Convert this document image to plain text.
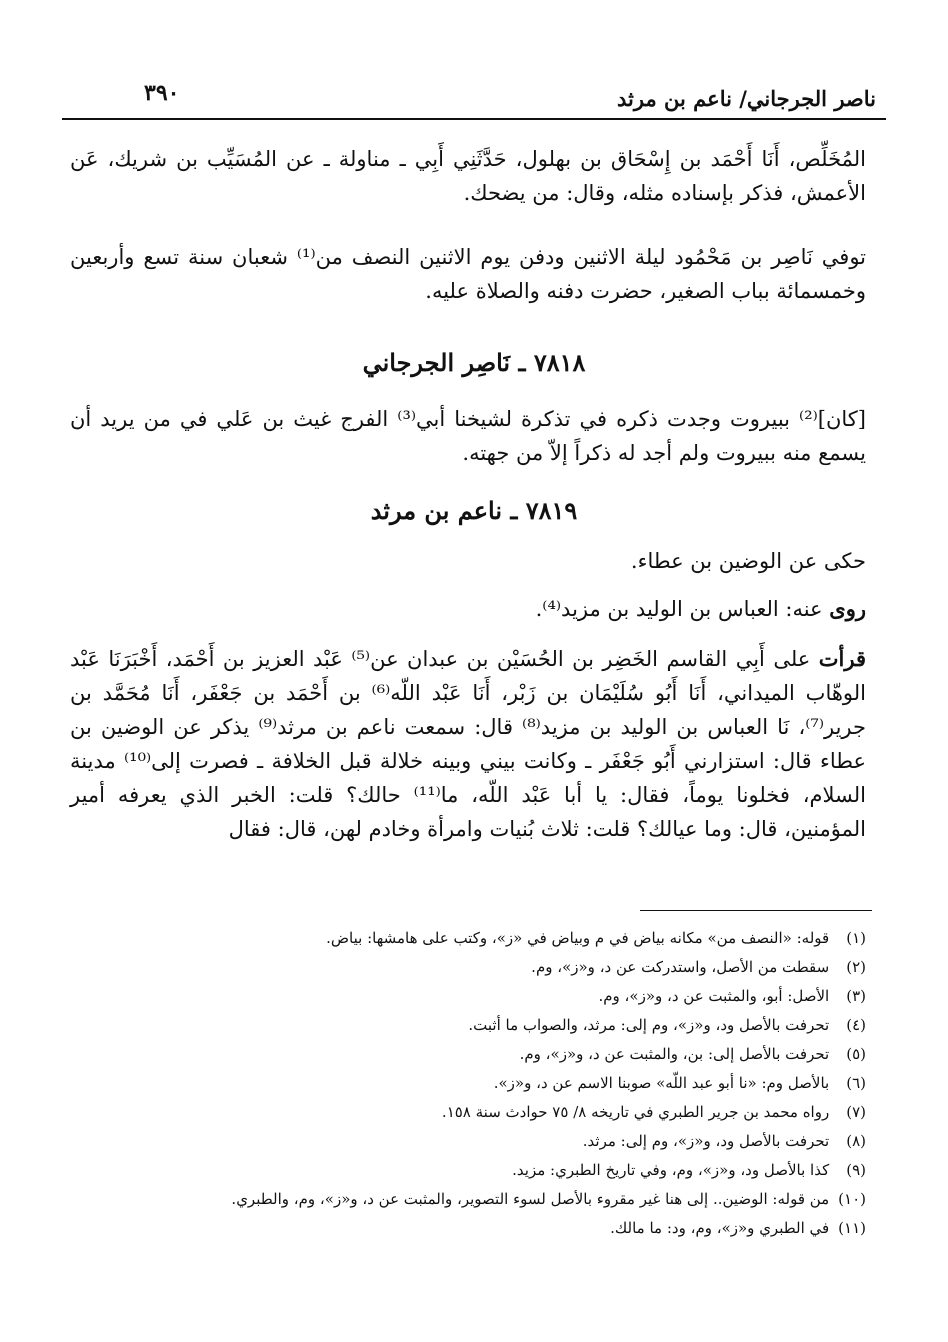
ناصر الجرجاني/ ناعم بن مرثد
٣٩٠
المُخَلِّص، أَنَا أَحْمَد بن إِسْحَاق بن بهلول، حَدَّثَنِي أَبِي ـ مناولة ـ عن المُسَيِّب بن شريك، عَن الأعمش، فذكر بإسناده مثله، وقال: من يضحك.
توفي نَاصِر بن مَحْمُود ليلة الاثنين ودفن يوم الاثنين النصف من⁽¹⁾ شعبان سنة تسع وأربعين وخمسمائة بباب الصغير، حضرت دفنه والصلاة عليه.
٧٨١٨ ـ نَاصِر الجرجاني
[كان]⁽²⁾ ببيروت وجدت ذكره في تذكرة لشيخنا أبي⁽³⁾ الفرج غيث بن عَلي في من يريد أن يسمع منه ببيروت ولم أجد له ذكراً إلاّ من جهته.
٧٨١٩ ـ ناعم بن مرثد
حكى عن الوضين بن عطاء.
روى عنه: العباس بن الوليد بن مزيد⁽⁴⁾.
قرأت على أَبِي القاسم الخَضِر بن الحُسَيْن بن عبدان عن⁽⁵⁾ عَبْد العزيز بن أَحْمَد، أَخْبَرَنَا عَبْد الوهّاب الميداني، أَنَا أَبُو سُلَيْمَان بن زَبْر، أَنَا عَبْد اللّه⁽⁶⁾ بن أَحْمَد بن جَعْفَر، أَنَا مُحَمَّد بن جرير⁽⁷⁾، نَا العباس بن الوليد بن مزيد⁽⁸⁾ قال: سمعت ناعم بن مرثد⁽⁹⁾ يذكر عن الوضين بن عطاء قال: استزارني أَبُو جَعْفَر ـ وكانت بيني وبينه خلالة قبل الخلافة ـ فصرت إلى⁽¹⁰⁾ مدينة السلام، فخلونا يوماً، فقال: يا أبا عَبْد اللّه، ما⁽¹¹⁾ حالك؟ قلت: الخبر الذي يعرفه أمير المؤمنين، قال: وما عيالك؟ قلت: ثلاث بُنيات وامرأة وخادم لهن، قال: فقال
(١) قوله: «النصف من» مكانه بياض في م وبياض في «ز»، وكتب على هامشها: بياض.
(٢) سقطت من الأصل، واستدركت عن د، و«ز»، وم.
(٣) الأصل: أبو، والمثبت عن د، و«ز»، وم.
(٤) تحرفت بالأصل ود، و«ز»، وم إلى: مرثد، والصواب ما أثبت.
(٥) تحرفت بالأصل إلى: بن، والمثبت عن د، و«ز»، وم.
(٦) بالأصل وم: «نا أبو عبد اللّه» صوبنا الاسم عن د، و«ز».
(٧) رواه محمد بن جرير الطبري في تاريخه ٨/ ٧٥ حوادث سنة ١٥٨.
(٨) تحرفت بالأصل ود، و«ز»، وم إلى: مرثد.
(٩) كذا بالأصل ود، و«ز»، وم، وفي تاريخ الطبري: مزيد.
(١٠) من قوله: الوضين.. إلى هنا غير مقروء بالأصل لسوء التصوير، والمثبت عن د، و«ز»، وم، والطبري.
(١١) في الطبري و«ز»، وم، ود: ما مالك.
